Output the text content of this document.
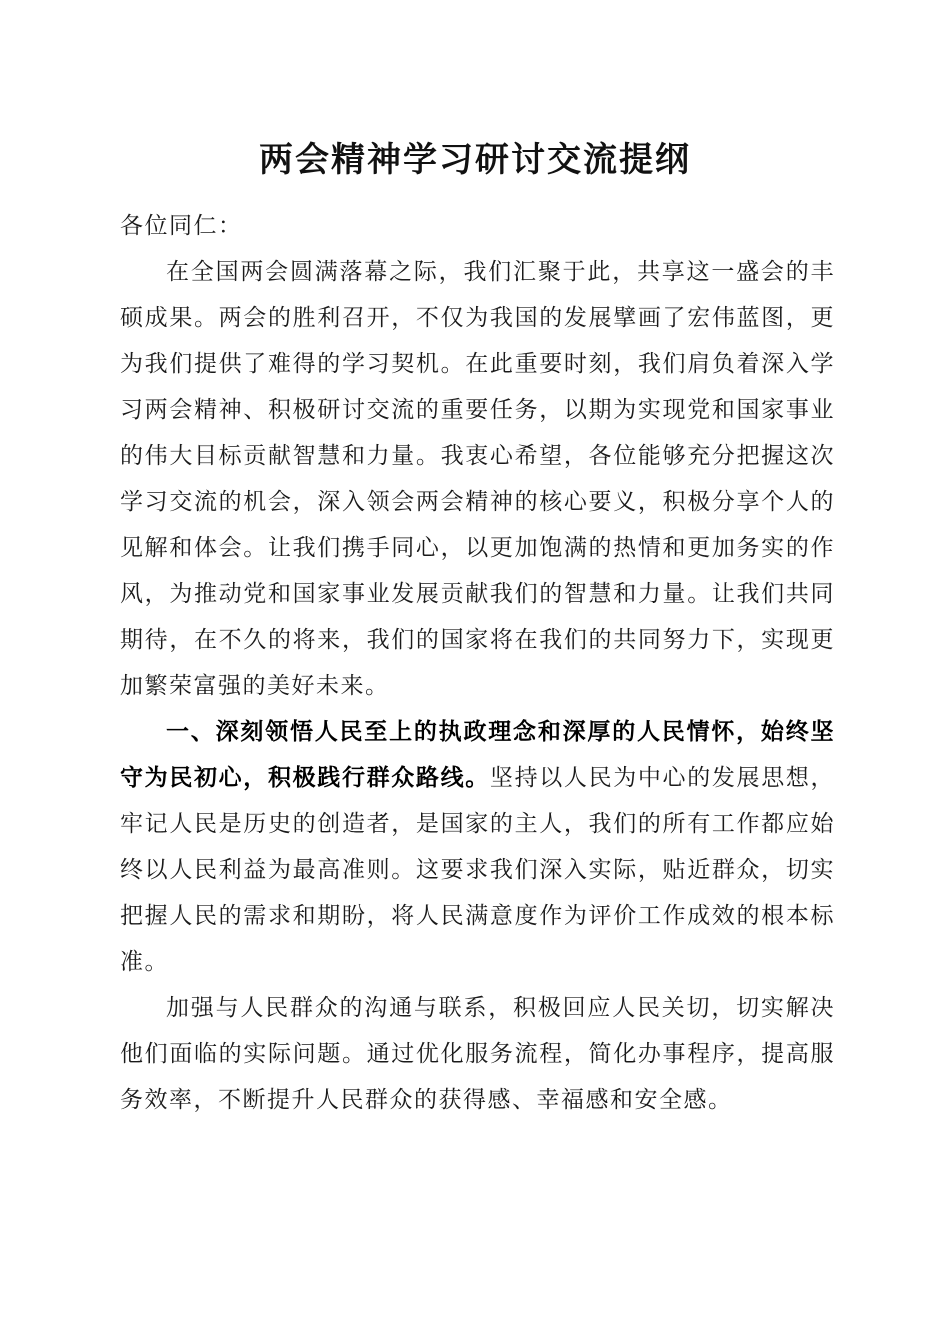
两会精神学习研讨交流提纲

各位同仁：

在全国两会圆满落幕之际，我们汇聚于此，共享这一盛会的丰硕成果。两会的胜利召开，不仅为我国的发展擘画了宏伟蓝图，更为我们提供了难得的学习契机。在此重要时刻，我们肩负着深入学习两会精神、积极研讨交流的重要任务，以期为实现党和国家事业的伟大目标贡献智慧和力量。我衷心希望，各位能够充分把握这次学习交流的机会，深入领会两会精神的核心要义，积极分享个人的见解和体会。让我们携手同心，以更加饱满的热情和更加务实的作风，为推动党和国家事业发展贡献我们的智慧和力量。让我们共同期待，在不久的将来，我们的国家将在我们的共同努力下，实现更加繁荣富强的美好未来。

一、深刻领悟人民至上的执政理念和深厚的人民情怀，始终坚守为民初心，积极践行群众路线。坚持以人民为中心的发展思想，牢记人民是历史的创造者，是国家的主人，我们的所有工作都应始终以人民利益为最高准则。这要求我们深入实际，贴近群众，切实把握人民的需求和期盼，将人民满意度作为评价工作成效的根本标准。

加强与人民群众的沟通与联系，积极回应人民关切，切实解决他们面临的实际问题。通过优化服务流程，简化办事程序，提高服务效率，不断提升人民群众的获得感、幸福感和安全感。
